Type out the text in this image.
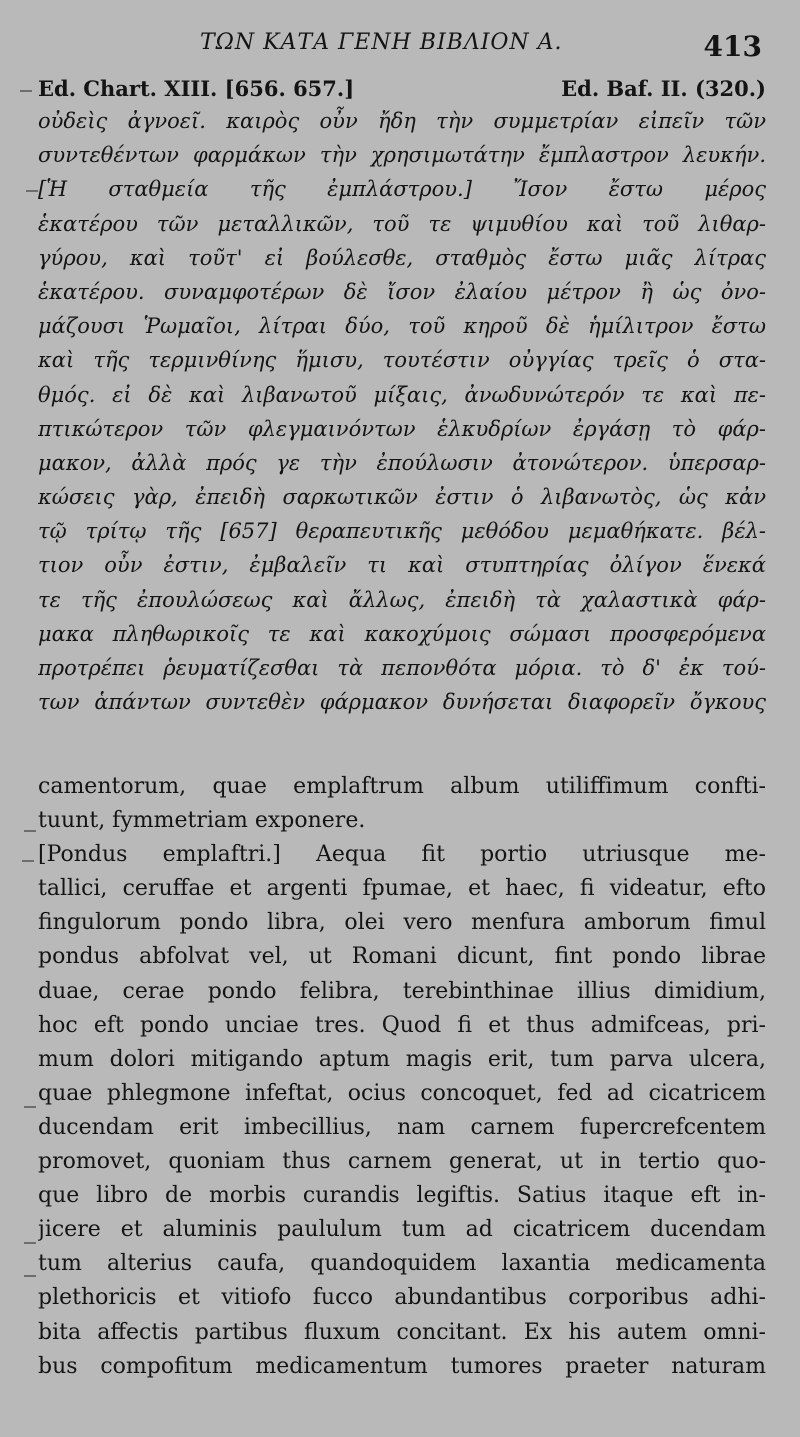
ΤΩΝ ΚΑΤΑ ΓΕΝΗ ΒΙΒΛΙΟΝ Α.	413
Ed. Chart. XIII. [656. 657.]	Ed. Baf. II. (320.)
οὐδεὶς ἀγνοεῖ. καιρὸς οὖν ἤδη τὴν συμμετρίαν εἰπεῖν τῶν
συντεθέντων φαρμάκων τὴν χρησιμωτάτην ἔμπλαστρον λευκήν.
[Ἡ σταθμεία τῆς ἐμπλάστρου.] Ἴσον ἔστω μέρος
ἑκατέρου τῶν μεταλλικῶν, τοῦ τε ψιμυθίου καὶ τοῦ λιθαρ-
γύρου, καὶ τοῦτ' εἰ βούλεσθε, σταθμὸς ἔστω μιᾶς λίτρας
ἑκατέρου. συναμφοτέρων δὲ ἴσον ἐλαίου μέτρον ἢ ὡς ὀνο-
μάζουσι Ῥωμαῖοι, λίτραι δύο, τοῦ κηροῦ δὲ ἡμίλιτρον ἔστω
καὶ τῆς τερμινθίνης ἥμισυ, τουτέστιν οὐγγίας τρεῖς ὁ στα-
θμός. εἰ δὲ καὶ λιβανωτοῦ μίξαις, ἀνωδυνώτερόν τε καὶ πε-
πτικώτερον τῶν φλεγμαινόντων ἑλκυδρίων ἐργάσῃ τὸ φάρ-
μακον, ἀλλὰ πρός γε τὴν ἐπούλωσιν ἀτονώτερον. ὑπερσαρ-
κώσεις γὰρ, ἐπειδὴ σαρκωτικῶν ἐστιν ὁ λιβανωτὸς, ὡς κἀν
τῷ τρίτῳ τῆς [657] θεραπευτικῆς μεθόδου μεμαθήκατε. βέλ-
τιον οὖν ἐστιν, ἐμβαλεῖν τι καὶ στυπτηρίας ὀλίγον ἕνεκά
τε τῆς ἐπουλώσεως καὶ ἄλλως, ἐπειδὴ τὰ χαλαστικὰ φάρ-
μακα πληθωρικοῖς τε καὶ κακοχύμοις σώμασι προσφερόμενα
προτρέπει ῥευματίζεσθαι τὰ πεπονθότα μόρια. τὸ δ' ἐκ τού-
των ἁπάντων συντεθὲν φάρμακον δυνήσεται διαφορεῖν ὄγκους
camentorum, quae emplaftrum album utiliffimum confti-
tuunt, fymmetriam exponere.
[Pondus emplaftri.] Aequa fit portio utriusque me-
tallici, ceruffae et argenti fpumae, et haec, fi videatur, efto
fingulorum pondo libra, olei vero menfura amborum fimul
pondus abfolvat vel, ut Romani dicunt, fint pondo librae
duae, cerae pondo felibra, terebinthinae illius dimidium,
hoc eft pondo unciae tres. Quod fi et thus admifceas, pri-
mum dolori mitigando aptum magis erit, tum parva ulcera,
quae phlegmone infeftat, ocius concoquet, fed ad cicatricem
ducendam erit imbecillius, nam carnem fupercrefcentem
promovet, quoniam thus carnem generat, ut in tertio quo-
que libro de morbis curandis legiftis. Satius itaque eft in-
jicere et aluminis paululum tum ad cicatricem ducendam
tum alterius caufa, quandoquidem laxantia medicamenta
plethoricis et vitiofo fucco abundantibus corporibus adhi-
bita affectis partibus fluxum concitant. Ex his autem omni-
bus compofitum medicamentum tumores praeter naturam
